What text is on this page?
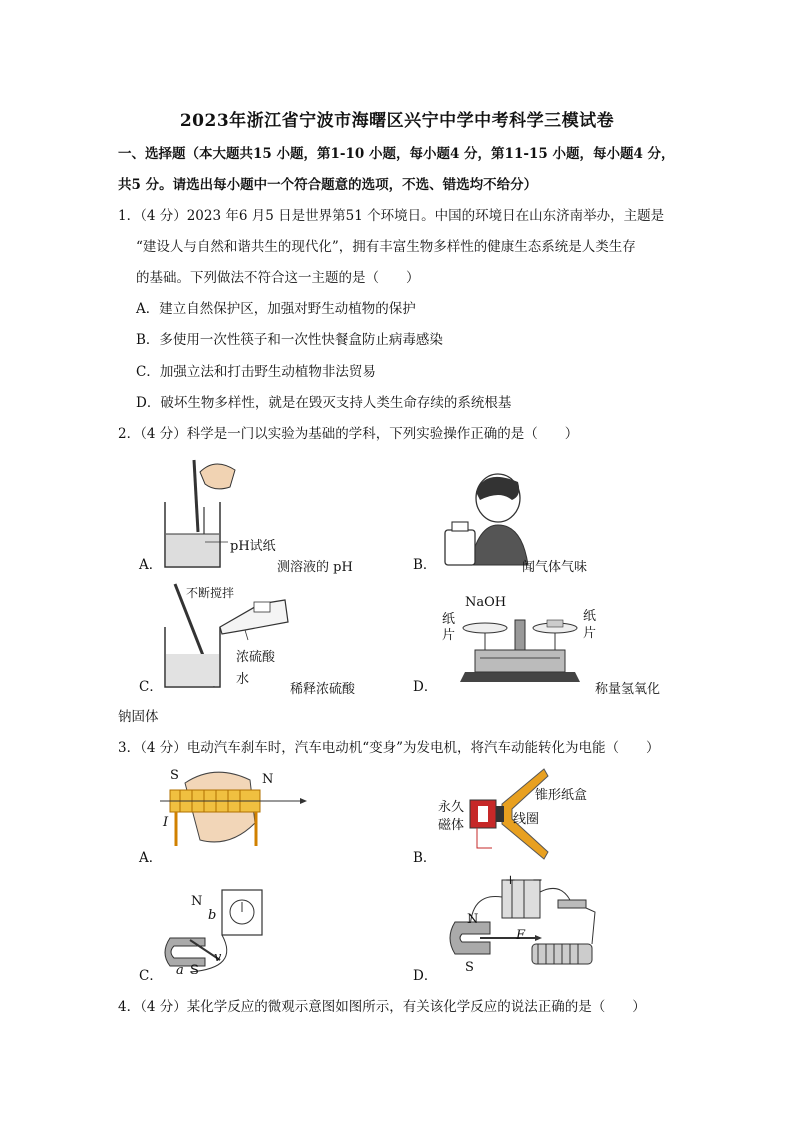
2023年浙江省宁波市海曙区兴宁中学中考科学三模试卷
一、选择题（本大题共15 小题，第1-10 小题，每小题4 分，第11-15 小题，每小题4 分，
共5 分。请选出每小题中一个符合题意的选项，不选、错选均不给分）
1．（4 分）2023 年6 月5 日是世界第51 个环境日。中国的环境日在山东济南举办，主题是
“建设人与自然和谐共生的现代化”，拥有丰富生物多样性的健康生态系统是人类生存
的基础。下列做法不符合这一主题的是（　　）
A．建立自然保护区，加强对野生动植物的保护
B．多使用一次性筷子和一次性快餐盒防止病毒感染
C．加强立法和打击野生动植物非法贸易
D．破坏生物多样性，就是在毁灭支持人类生命存续的系统根基
2．（4 分）科学是一门以实验为基础的学科，下列实验操作正确的是（　　）
pH试纸
A．	测溶液的 pH	B．	闻气体气味
不断搅拌
浓硫酸
水
C．	稀释浓硫酸
NaOH
纸
片
纸
片
D．	称量氢氧化
钠固体
3．（4 分）电动汽车刹车时，汽车电动机“变身”为发电机，将汽车动能转化为电能（　　）
S	N
I
A．
锥形纸盒
永久
磁体	线圈
B．
N
b
a S
v
C．
+ −
N
F
S
D．
4．（4 分）某化学反应的微观示意图如图所示，有关该化学反应的说法正确的是（　　）
